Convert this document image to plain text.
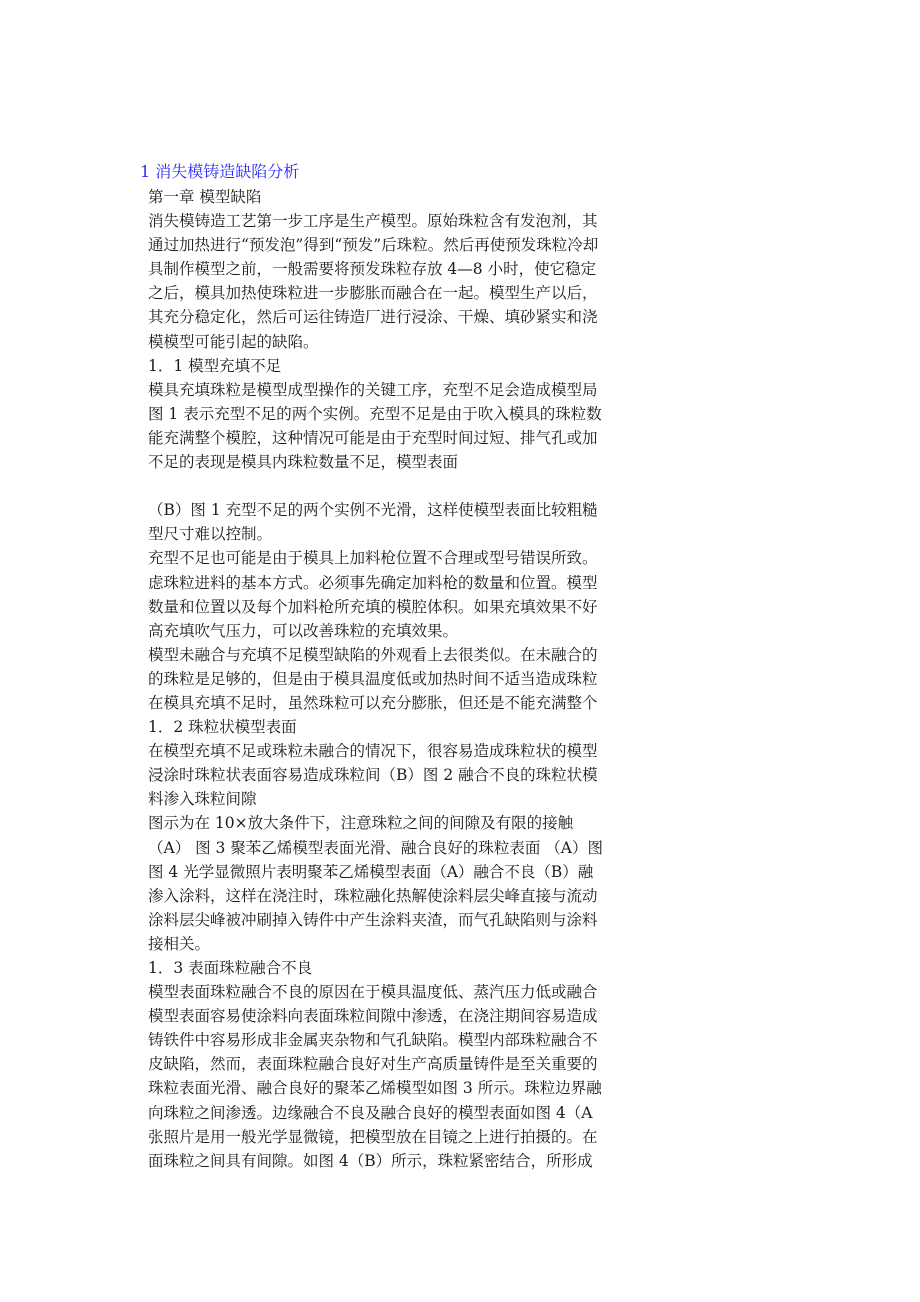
1 消失模铸造缺陷分析
第一章 模型缺陷
消失模铸造工艺第一步工序是生产模型。原始珠粒含有发泡剂，其
通过加热进行“预发泡”得到“预发”后珠粒。然后再使预发珠粒冷却
具制作模型之前，一般需要将预发珠粒存放 4—8 小时，使它稳定
之后，模具加热使珠粒进一步膨胀而融合在一起。模型生产以后，
其充分稳定化，然后可运往铸造厂进行浸涂、干燥、填砂紧实和浇
模模型可能引起的缺陷。
1．1 模型充填不足
模具充填珠粒是模型成型操作的关键工序，充型不足会造成模型局
图 1 表示充型不足的两个实例。充型不足是由于吹入模具的珠粒数
能充满整个模腔，这种情况可能是由于充型时间过短、排气孔或加
不足的表现是模具内珠粒数量不足，模型表面
（B）图 1 充型不足的两个实例不光滑，这样使模型表面比较粗糙
型尺寸难以控制。
充型不足也可能是由于模具上加料枪位置不合理或型号错误所致。
虑珠粒进料的基本方式。必须事先确定加料枪的数量和位置。模型
数量和位置以及每个加料枪所充填的模腔体积。如果充填效果不好
高充填吹气压力，可以改善珠粒的充填效果。
模型未融合与充填不足模型缺陷的外观看上去很类似。在未融合的
的珠粒是足够的，但是由于模具温度低或加热时间不适当造成珠粒
在模具充填不足时，虽然珠粒可以充分膨胀，但还是不能充满整个
1．2 珠粒状模型表面
在模型充填不足或珠粒未融合的情况下，很容易造成珠粒状的模型
浸涂时珠粒状表面容易造成珠粒间（B）图 2 融合不良的珠粒状模
料渗入珠粒间隙
图示为在 10×放大条件下，注意珠粒之间的间隙及有限的接触
（A） 图 3 聚苯乙烯模型表面光滑、融合良好的珠粒表面 （A）图
图 4 光学显微照片表明聚苯乙烯模型表面（A）融合不良（B）融
渗入涂料，这样在浇注时，珠粒融化热解使涂料层尖峰直接与流动
涂料层尖峰被冲刷掉入铸件中产生涂料夹渣，而气孔缺陷则与涂料
接相关。
1．3 表面珠粒融合不良
模型表面珠粒融合不良的原因在于模具温度低、蒸汽压力低或融合
模型表面容易使涂料向表面珠粒间隙中渗透，在浇注期间容易造成
铸铁件中容易形成非金属夹杂物和气孔缺陷。模型内部珠粒融合不
皮缺陷，然而，表面珠粒融合良好对生产高质量铸件是至关重要的
珠粒表面光滑、融合良好的聚苯乙烯模型如图 3 所示。珠粒边界融
向珠粒之间渗透。边缘融合不良及融合良好的模型表面如图 4（A
张照片是用一般光学显微镜，把模型放在目镜之上进行拍摄的。在
面珠粒之间具有间隙。如图 4（B）所示，珠粒紧密结合，所形成
